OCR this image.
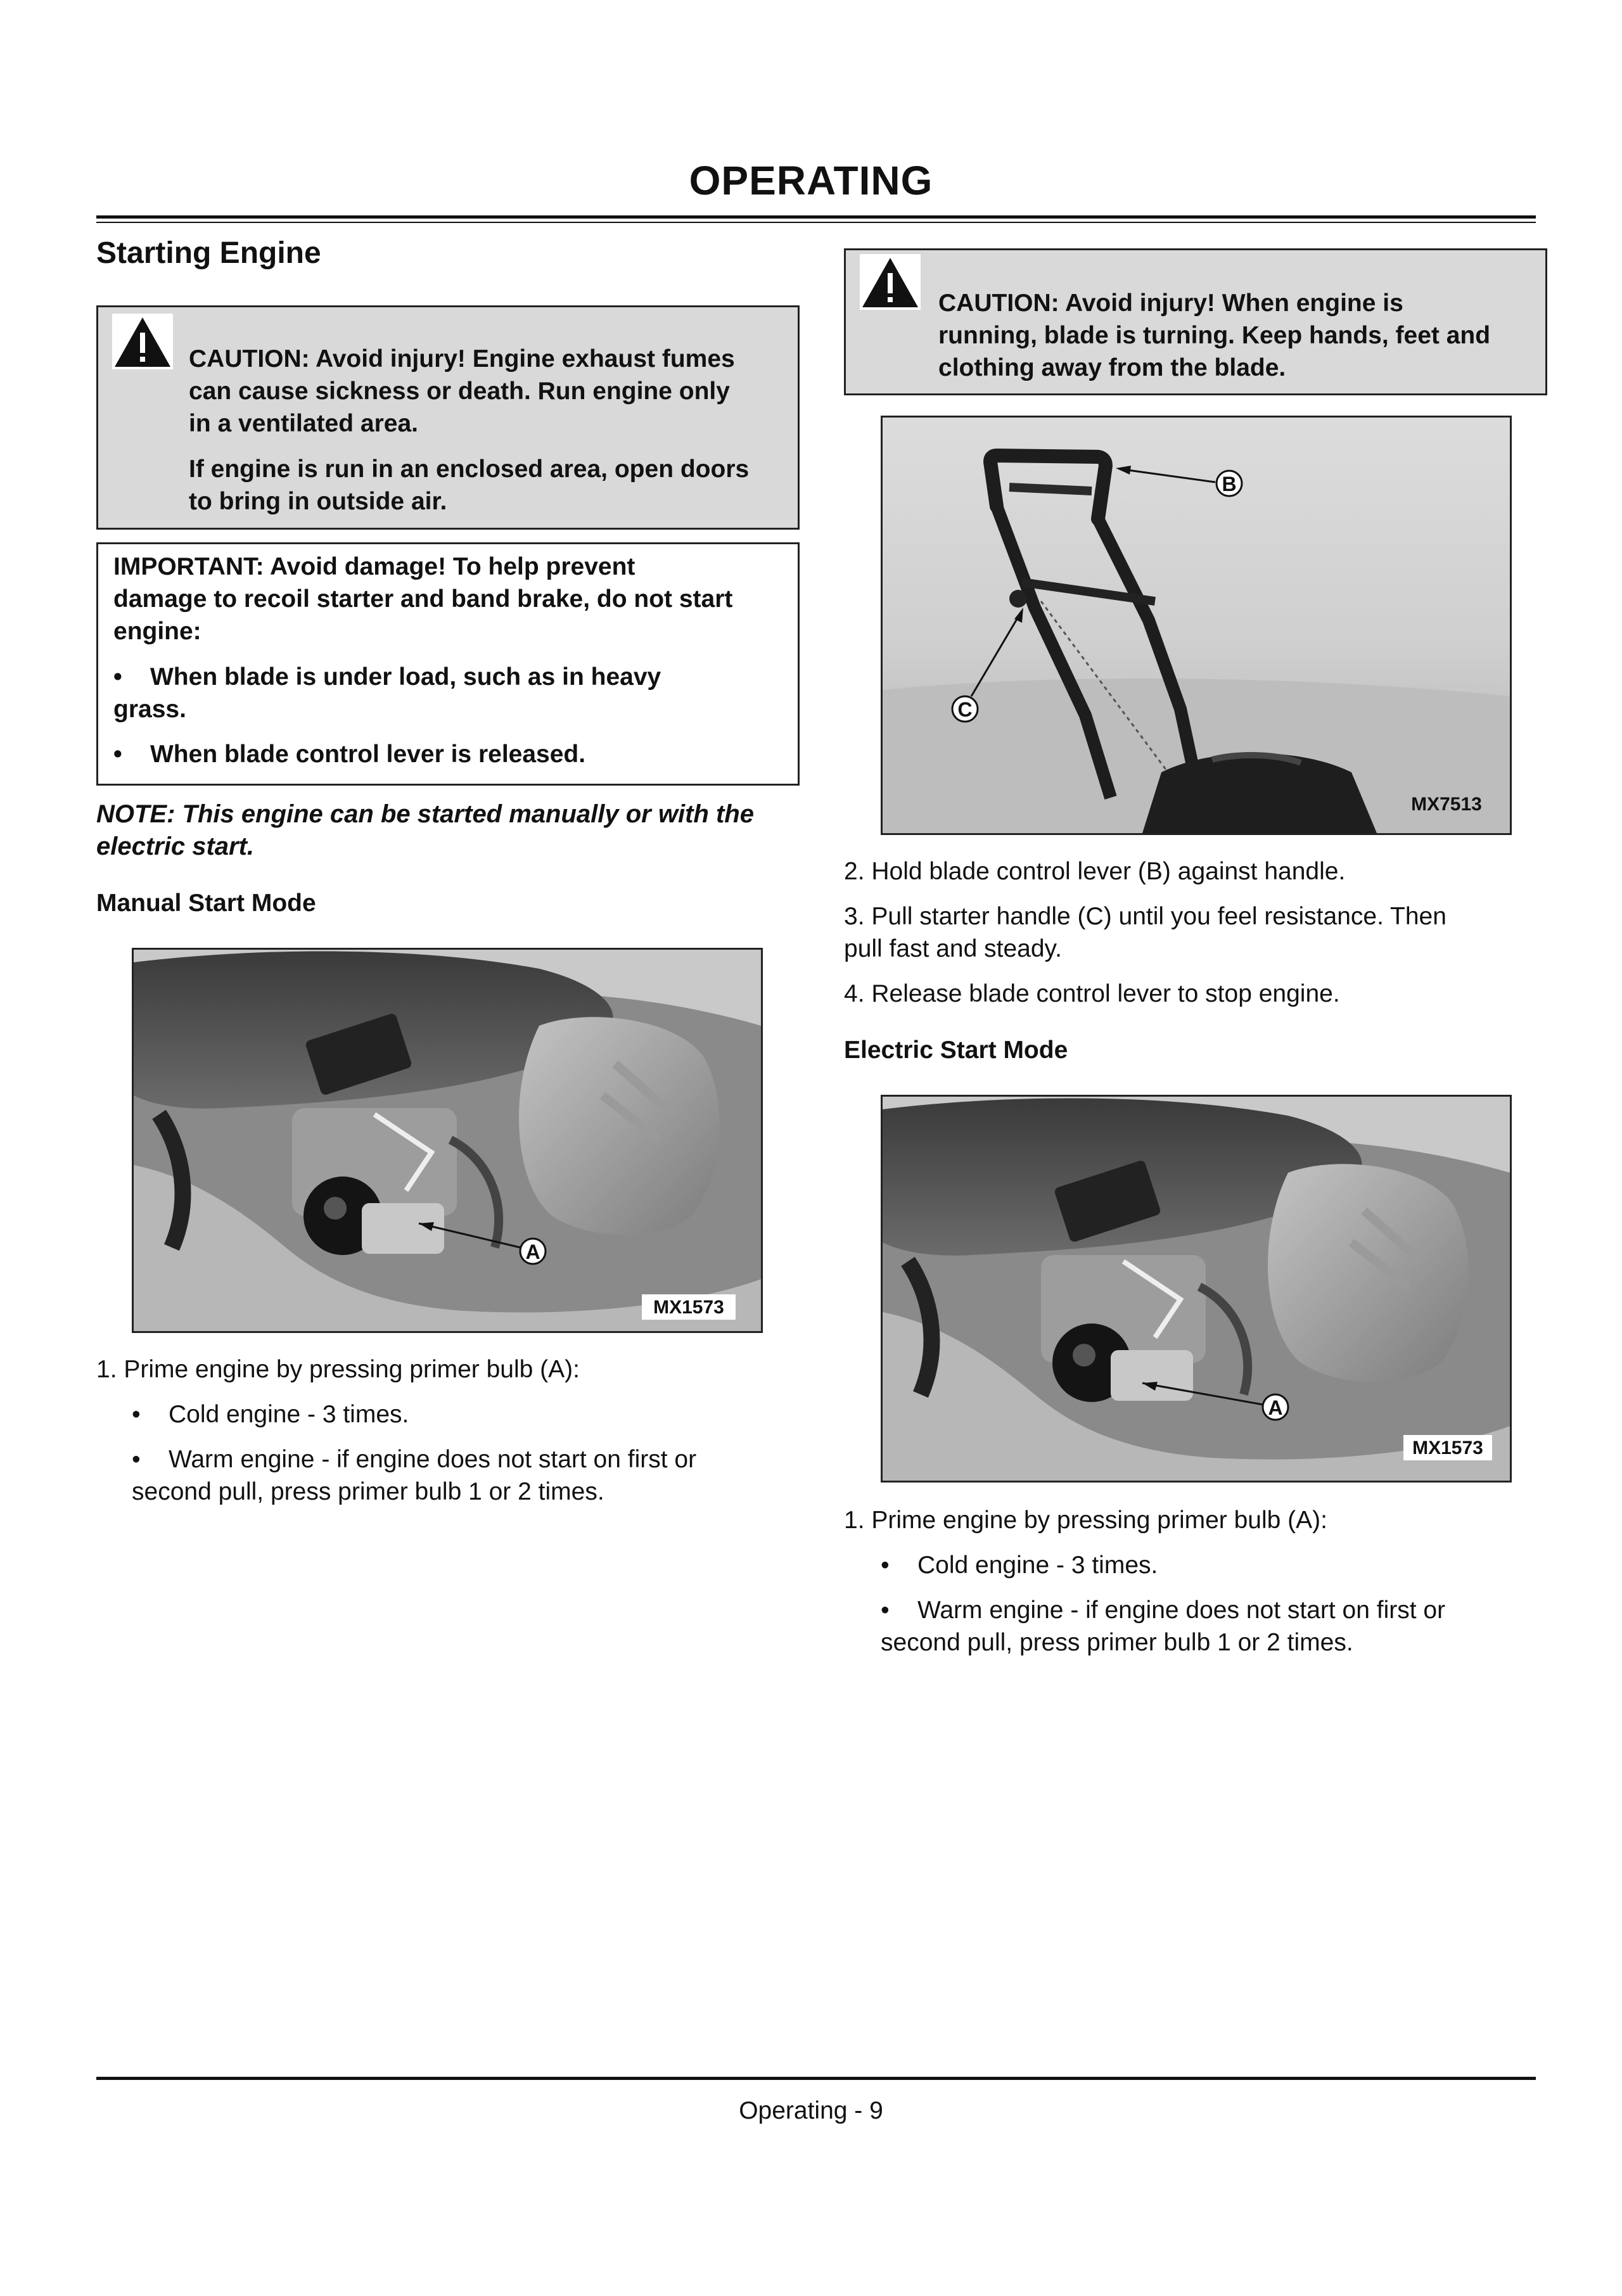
OPERATING
Starting Engine
CAUTION: Avoid injury! Engine exhaust fumes
can cause sickness or death. Run engine only
in a ventilated area.
If engine is run in an enclosed area, open doors
to bring in outside air.
IMPORTANT: Avoid damage! To help prevent
damage to recoil starter and band brake, do not start
engine:
• When blade is under load, such as in heavy
grass.
• When blade control lever is released.
NOTE: This engine can be started manually or with the
electric start.
Manual Start Mode
A
MX1573
1. Prime engine by pressing primer bulb (A):
• Cold engine - 3 times.
• Warm engine - if engine does not start on first or
second pull, press primer bulb 1 or 2 times.
CAUTION: Avoid injury! When engine is
running, blade is turning. Keep hands, feet and
clothing away from the blade.
B
C
MX7513
2. Hold blade control lever (B) against handle.
3. Pull starter handle (C) until you feel resistance. Then
pull fast and steady.
4. Release blade control lever to stop engine.
Electric Start Mode
A
MX1573
1. Prime engine by pressing primer bulb (A):
• Cold engine - 3 times.
• Warm engine - if engine does not start on first or
second pull, press primer bulb 1 or 2 times.
Operating - 9
